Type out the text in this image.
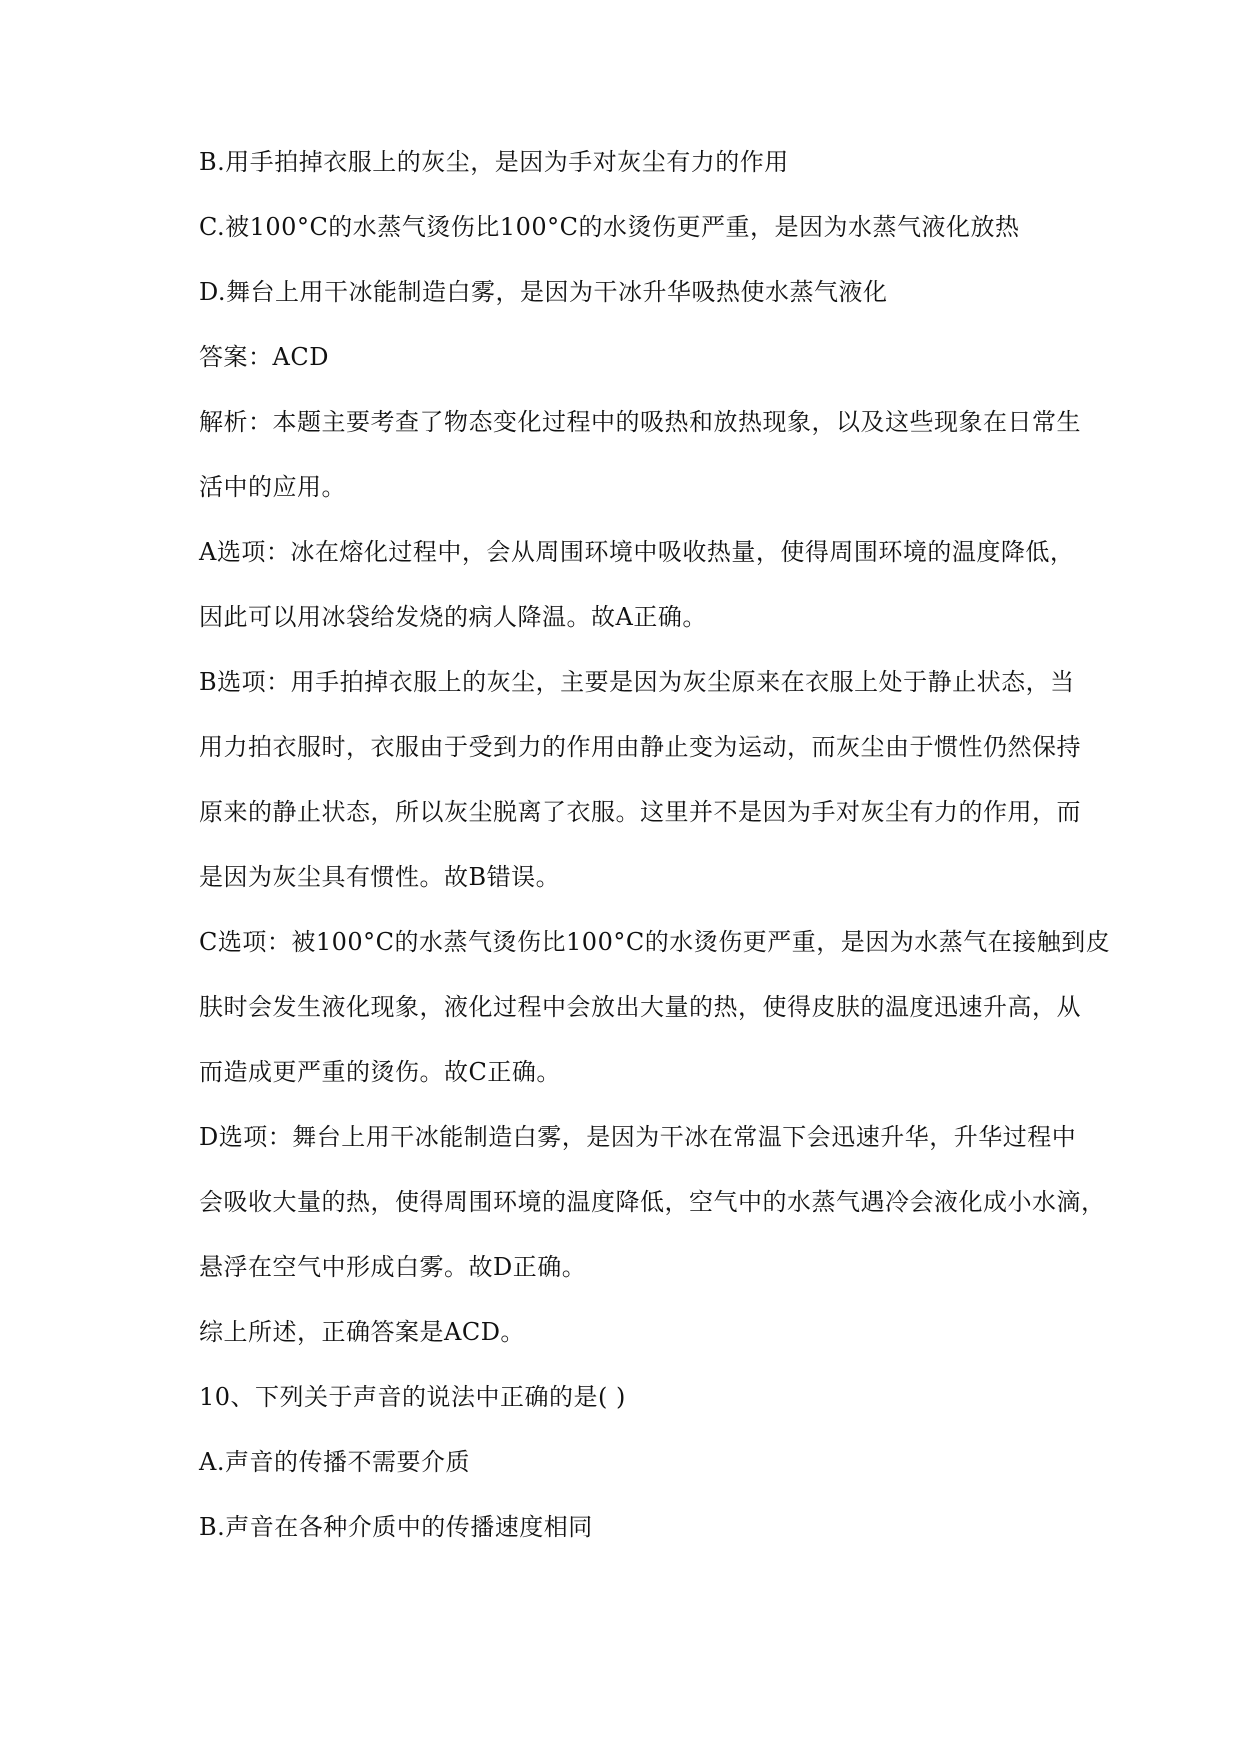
B.用手拍掉衣服上的灰尘，是因为手对灰尘有力的作用
C.被100°C的水蒸气烫伤比100°C的水烫伤更严重，是因为水蒸气液化放热
D.舞台上用干冰能制造白雾，是因为干冰升华吸热使水蒸气液化
答案：ACD
解析：本题主要考查了物态变化过程中的吸热和放热现象，以及这些现象在日常生
活中的应用。
A选项：冰在熔化过程中，会从周围环境中吸收热量，使得周围环境的温度降低，
因此可以用冰袋给发烧的病人降温。故A正确。
B选项：用手拍掉衣服上的灰尘，主要是因为灰尘原来在衣服上处于静止状态，当
用力拍衣服时，衣服由于受到力的作用由静止变为运动，而灰尘由于惯性仍然保持
原来的静止状态，所以灰尘脱离了衣服。这里并不是因为手对灰尘有力的作用，而
是因为灰尘具有惯性。故B错误。
C选项：被100°C的水蒸气烫伤比100°C的水烫伤更严重，是因为水蒸气在接触到皮
肤时会发生液化现象，液化过程中会放出大量的热，使得皮肤的温度迅速升高，从
而造成更严重的烫伤。故C正确。
D选项：舞台上用干冰能制造白雾，是因为干冰在常温下会迅速升华，升华过程中
会吸收大量的热，使得周围环境的温度降低，空气中的水蒸气遇冷会液化成小水滴，
悬浮在空气中形成白雾。故D正确。
综上所述，正确答案是ACD。
10、下列关于声音的说法中正确的是( )
A.声音的传播不需要介质
B.声音在各种介质中的传播速度相同
